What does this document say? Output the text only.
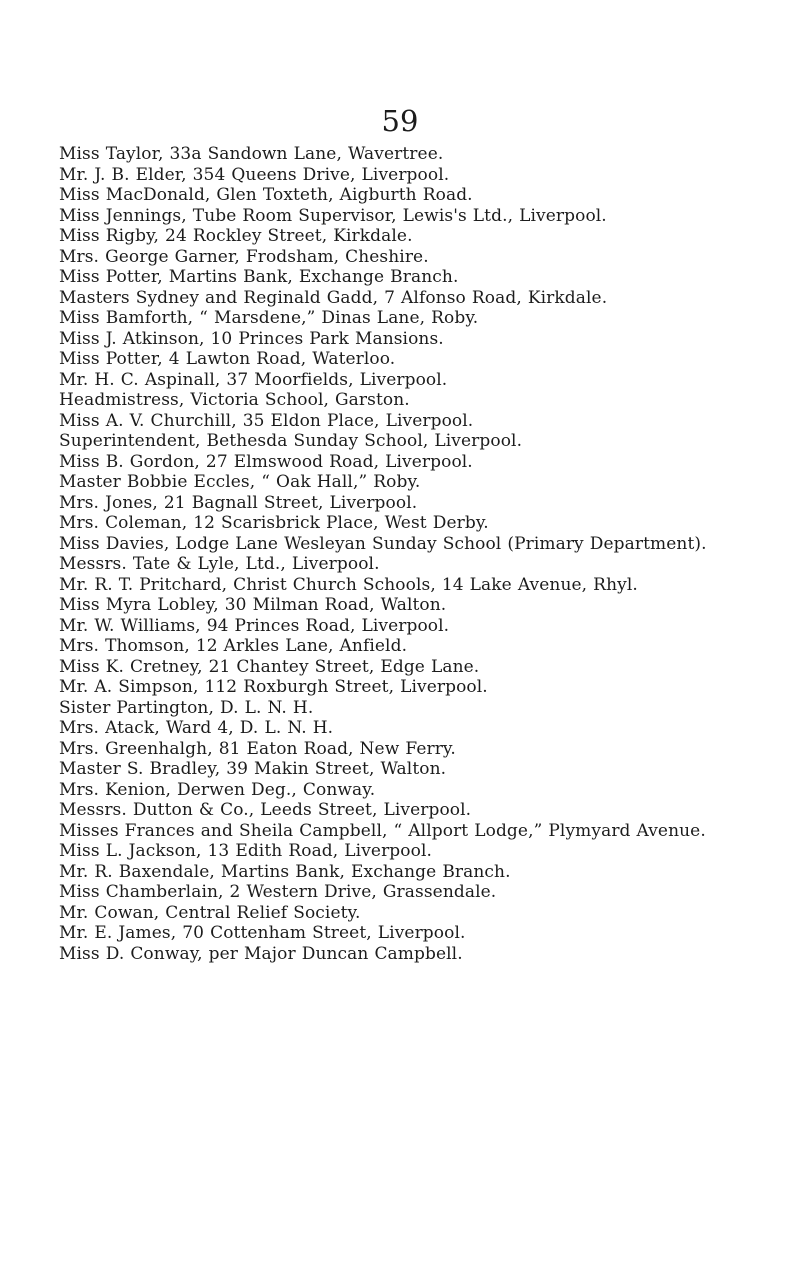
59
Miss Taylor, 33a Sandown Lane, Wavertree.
Mr. J. B. Elder, 354 Queens Drive, Liverpool.
Miss MacDonald, Glen Toxteth, Aigburth Road.
Miss Jennings, Tube Room Supervisor, Lewis's Ltd., Liverpool.
Miss Rigby, 24 Rockley Street, Kirkdale.
Mrs. George Garner, Frodsham, Cheshire.
Miss Potter, Martins Bank, Exchange Branch.
Masters Sydney and Reginald Gadd, 7 Alfonso Road, Kirkdale.
Miss Bamforth, “ Marsdene,” Dinas Lane, Roby.
Miss J. Atkinson, 10 Princes Park Mansions.
Miss Potter, 4 Lawton Road, Waterloo.
Mr. H. C. Aspinall, 37 Moorfields, Liverpool.
Headmistress, Victoria School, Garston.
Miss A. V. Churchill, 35 Eldon Place, Liverpool.
Superintendent, Bethesda Sunday School, Liverpool.
Miss B. Gordon, 27 Elmswood Road, Liverpool.
Master Bobbie Eccles, “ Oak Hall,” Roby.
Mrs. Jones, 21 Bagnall Street, Liverpool.
Mrs. Coleman, 12 Scarisbrick Place, West Derby.
Miss Davies, Lodge Lane Wesleyan Sunday School (Primary Department).
Messrs. Tate & Lyle, Ltd., Liverpool.
Mr. R. T. Pritchard, Christ Church Schools, 14 Lake Avenue, Rhyl.
Miss Myra Lobley, 30 Milman Road, Walton.
Mr. W. Williams, 94 Princes Road, Liverpool.
Mrs. Thomson, 12 Arkles Lane, Anfield.
Miss K. Cretney, 21 Chantey Street, Edge Lane.
Mr. A. Simpson, 112 Roxburgh Street, Liverpool.
Sister Partington, D. L. N. H.
Mrs. Atack, Ward 4, D. L. N. H.
Mrs. Greenhalgh, 81 Eaton Road, New Ferry.
Master S. Bradley, 39 Makin Street, Walton.
Mrs. Kenion, Derwen Deg., Conway.
Messrs. Dutton & Co., Leeds Street, Liverpool.
Misses Frances and Sheila Campbell, “ Allport Lodge,” Plymyard Avenue.
Miss L. Jackson, 13 Edith Road, Liverpool.
Mr. R. Baxendale, Martins Bank, Exchange Branch.
Miss Chamberlain, 2 Western Drive, Grassendale.
Mr. Cowan, Central Relief Society.
Mr. E. James, 70 Cottenham Street, Liverpool.
Miss D. Conway, per Major Duncan Campbell.
